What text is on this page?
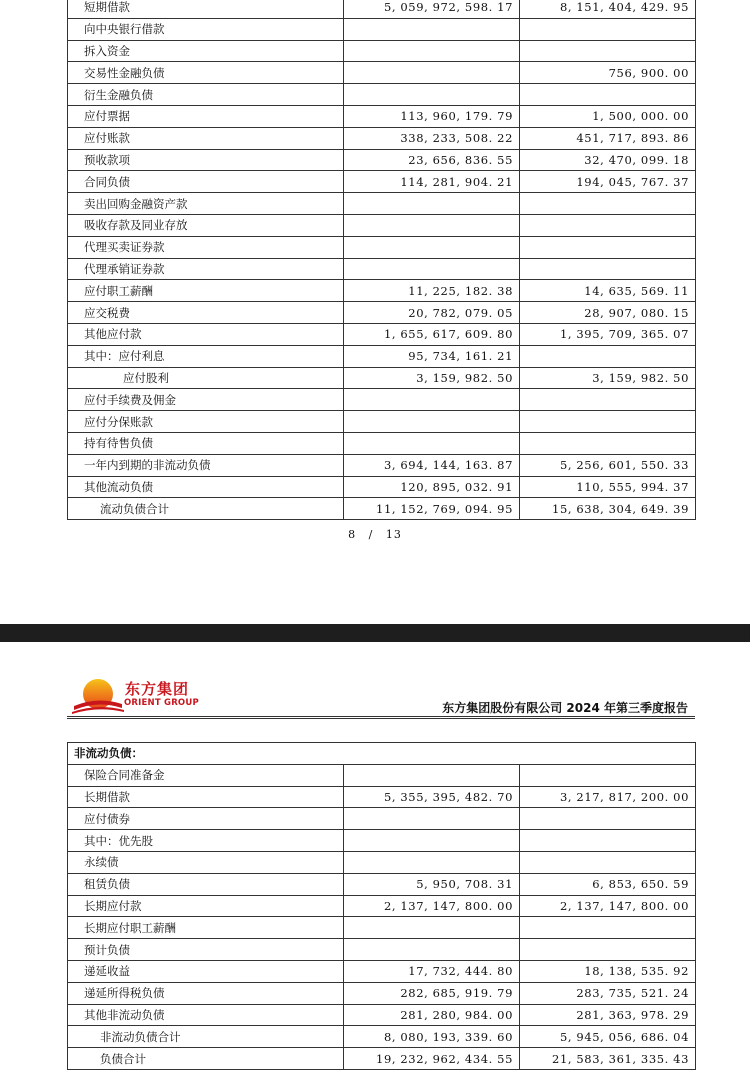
短期借款	5, 059, 972, 598. 17	8, 151, 404, 429. 95
向中央银行借款		
拆入资金		
交易性金融负债		756, 900. 00
衍生金融负债		
应付票据	113, 960, 179. 79	1, 500, 000. 00
应付账款	338, 233, 508. 22	451, 717, 893. 86
预收款项	23, 656, 836. 55	32, 470, 099. 18
合同负债	114, 281, 904. 21	194, 045, 767. 37
卖出回购金融资产款		
吸收存款及同业存放		
代理买卖证券款		
代理承销证券款		
应付职工薪酬	11, 225, 182. 38	14, 635, 569. 11
应交税费	20, 782, 079. 05	28, 907, 080. 15
其他应付款	1, 655, 617, 609. 80	1, 395, 709, 365. 07
其中：应付利息	95, 734, 161. 21	
应付股利	3, 159, 982. 50	3, 159, 982. 50
应付手续费及佣金		
应付分保账款		
持有待售负债		
一年内到期的非流动负债	3, 694, 144, 163. 87	5, 256, 601, 550. 33
其他流动负债	120, 895, 032. 91	110, 555, 994. 37
流动负债合计	11, 152, 769, 094. 95	15, 638, 304, 649. 39
8 / 13
东方集团
ORIENT GROUP	东方集团股份有限公司 2024 年第三季度报告
非流动负债：		
保险合同准备金		
长期借款	5, 355, 395, 482. 70	3, 217, 817, 200. 00
应付债券		
其中：优先股		
永续债		
租赁负债	5, 950, 708. 31	6, 853, 650. 59
长期应付款	2, 137, 147, 800. 00	2, 137, 147, 800. 00
长期应付职工薪酬		
预计负债		
递延收益	17, 732, 444. 80	18, 138, 535. 92
递延所得税负债	282, 685, 919. 79	283, 735, 521. 24
其他非流动负债	281, 280, 984. 00	281, 363, 978. 29
非流动负债合计	8, 080, 193, 339. 60	5, 945, 056, 686. 04
负债合计	19, 232, 962, 434. 55	21, 583, 361, 335. 43
